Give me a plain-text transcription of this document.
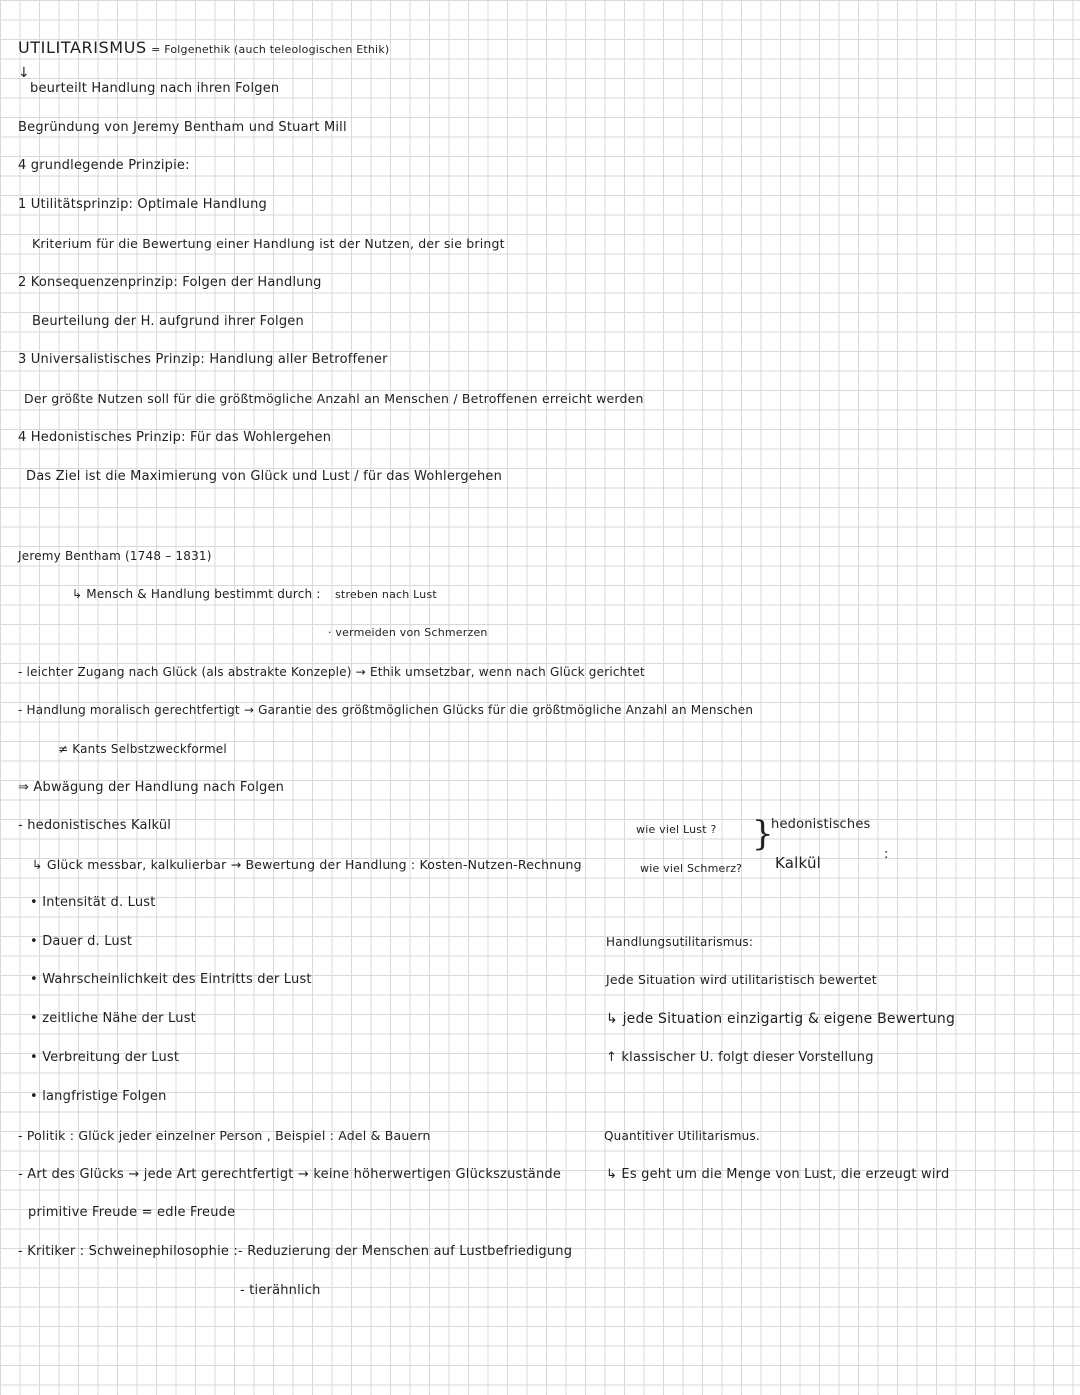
UTILITARISMUS = Folgenethik (auch teleologischen Ethik)
↓
beurteilt Handlung nach ihren Folgen
Begründung von Jeremy Bentham und Stuart Mill
4 grundlegende Prinzipie:
1 Utilitätsprinzip: Optimale Handlung
Kriterium für die Bewertung einer Handlung ist der Nutzen, der sie bringt
2 Konsequenzenprinzip: Folgen der Handlung
Beurteilung der H. aufgrund ihrer Folgen
3 Universalistisches Prinzip: Handlung aller Betroffener
Der größte Nutzen soll für die größtmögliche Anzahl an Menschen / Betroffenen erreicht werden
4 Hedonistisches Prinzip: Für das Wohlergehen
Das Ziel ist die Maximierung von Glück und Lust / für das Wohlergehen
Jeremy Bentham (1748 – 1831)
↳ Mensch & Handlung bestimmt durch : streben nach Lust
· vermeiden von Schmerzen
- leichter Zugang nach Glück (als abstrakte Konzeple) → Ethik umsetzbar, wenn nach Glück gerichtet
- Handlung moralisch gerechtfertigt → Garantie des größtmöglichen Glücks für die größtmögliche Anzahl an Menschen
≠ Kants Selbstzweckformel
⇒ Abwägung der Handlung nach Folgen
- hedonistisches Kalkül
↳ Glück messbar, kalkulierbar → Bewertung der Handlung : Kosten-Nutzen-Rechnung
wie viel Lust ?
wie viel Schmerz?
}
hedonistisches
Kalkül	:
• Intensität d. Lust
• Dauer d. Lust
• Wahrscheinlichkeit des Eintritts der Lust
• zeitliche Nähe der Lust
• Verbreitung der Lust
• langfristige Folgen
- Politik : Glück jeder einzelner Person , Beispiel : Adel & Bauern
- Art des Glücks → jede Art gerechtfertigt → keine höherwertigen Glückszustände
primitive Freude = edle Freude
- Kritiker : Schweinephilosophie :- Reduzierung der Menschen auf Lustbefriedigung
- tierähnlich
Handlungsutilitarismus:
Jede Situation wird utilitaristisch bewertet
↳ jede Situation einzigartig & eigene Bewertung
↑ klassischer U. folgt dieser Vorstellung
Quantitiver Utilitarismus.
↳ Es geht um die Menge von Lust, die erzeugt wird
